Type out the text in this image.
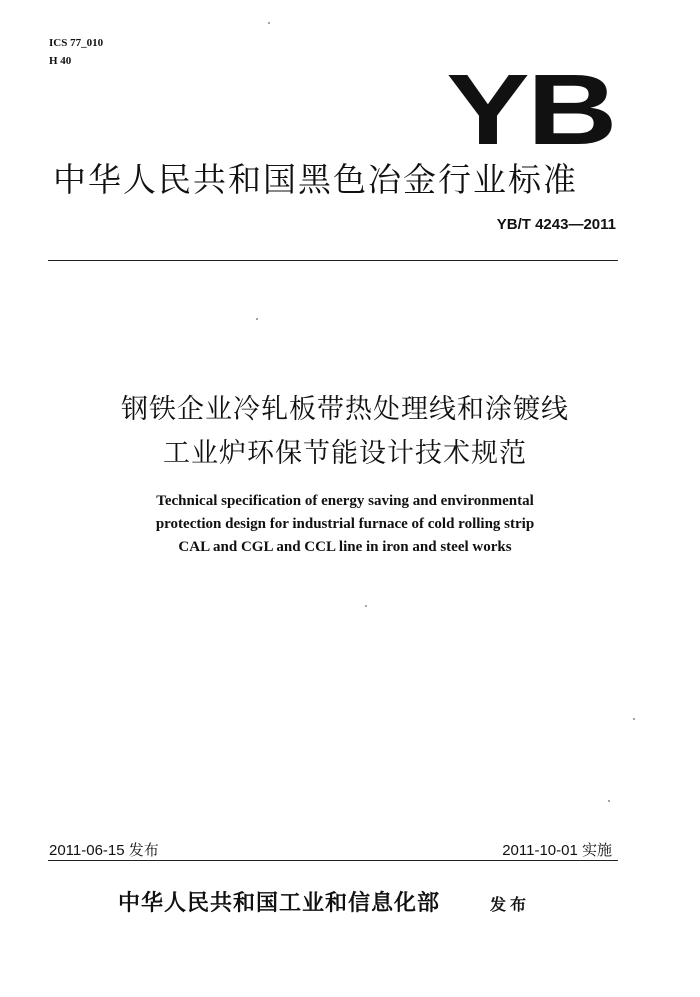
ICS 77_010
H 40	YB
中华人民共和国黑色冶金行业标准
YB/T 4243—2011
钢铁企业冷轧板带热处理线和涂镀线
工业炉环保节能设计技术规范
Technical specification of energy saving and environmental
protection design for industrial furnace of cold rolling strip
CAL and CGL and CCL line in iron and steel works
2011-06-15 发布	2011-10-01 实施
中华人民共和国工业和信息化部	发布
